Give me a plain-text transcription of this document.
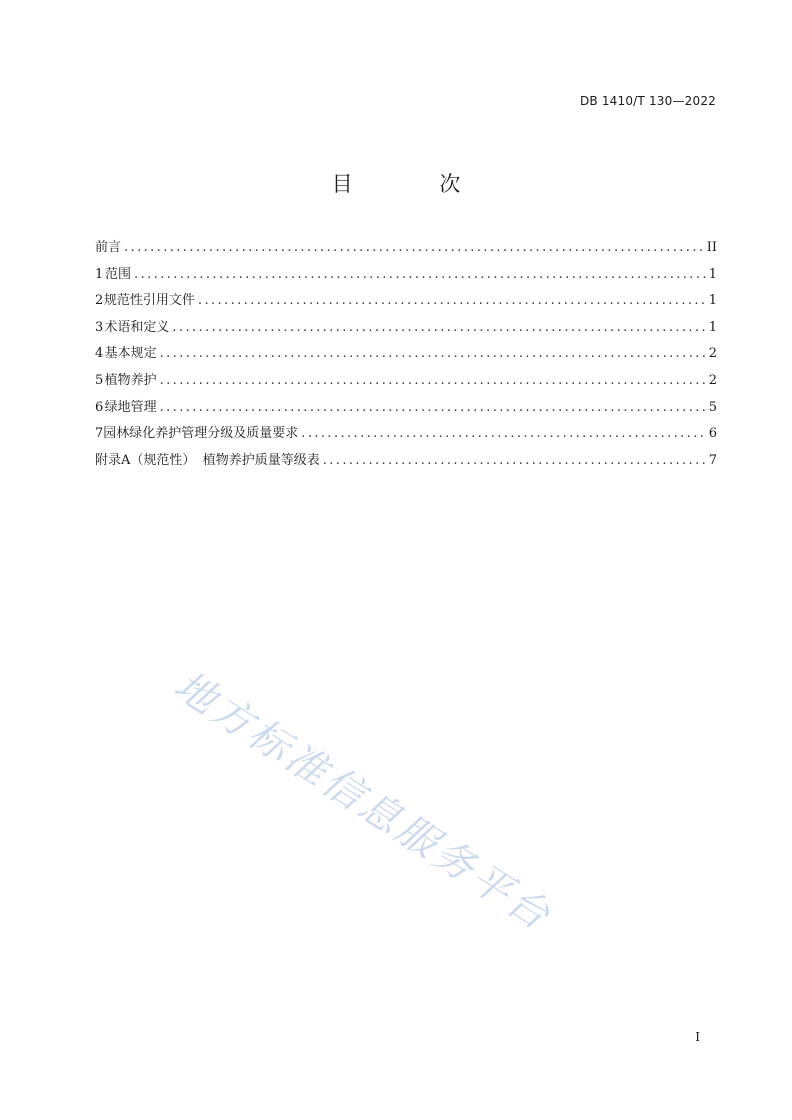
DB 1410/T 130—2022
目 次
前言 .....	II
1 范围 .....	1
2 规范性引用文件 .....	1
3 术语和定义 .....	1
4 基本规定 .....	2
5 植物养护 .....	2
6 绿地管理 .....	5
7 园林绿化养护管理分级及质量要求 .....	6
附录A（规范性） 植物养护质量等级表 .....	7
地方标准信息服务平台
I
